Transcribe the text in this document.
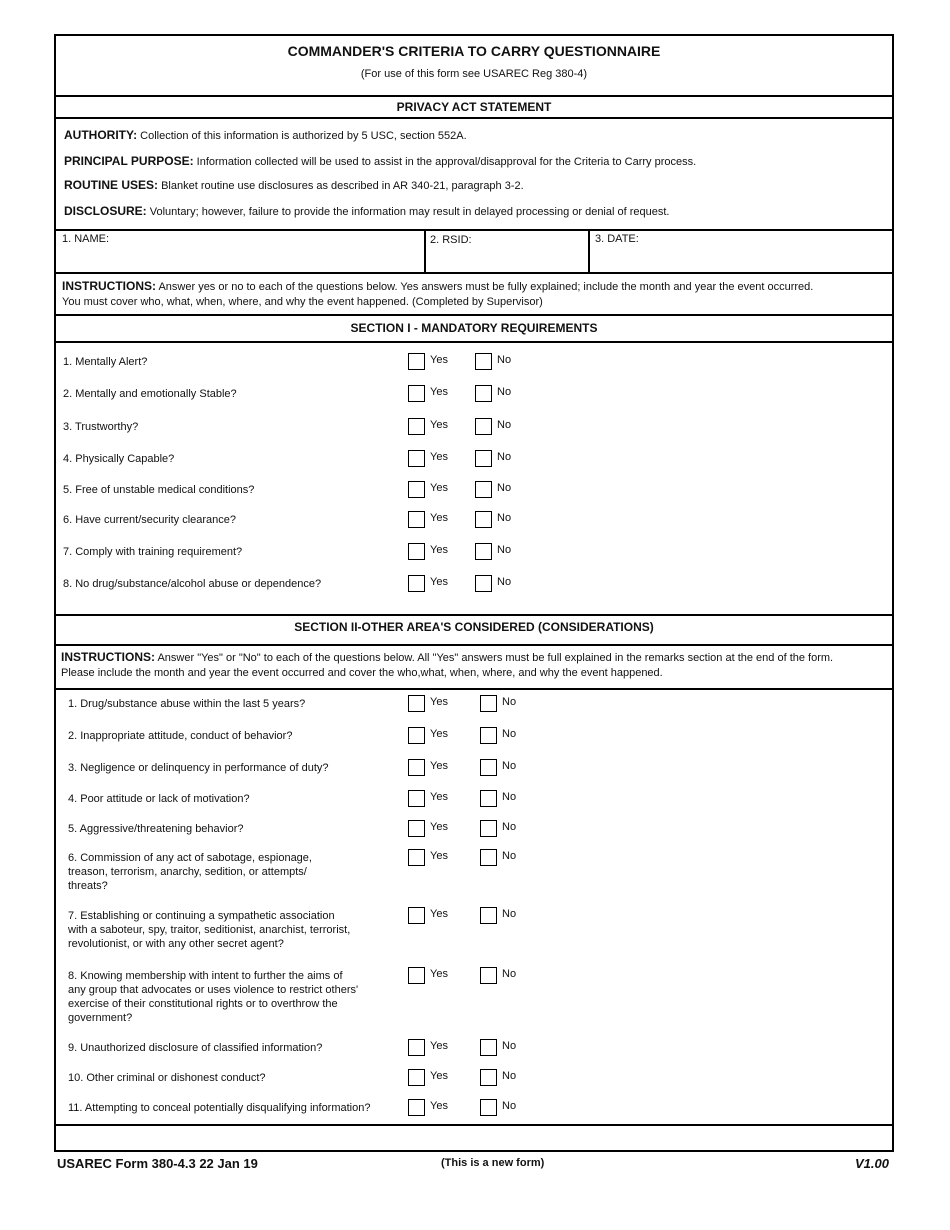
COMMANDER'S CRITERIA TO CARRY QUESTIONNAIRE
(For use of this form see USAREC Reg 380-4)
PRIVACY ACT STATEMENT
AUTHORITY: Collection of this information is authorized by 5 USC, section 552A.
PRINCIPAL PURPOSE: Information collected will be used to assist in the approval/disapproval for the Criteria to Carry process.
ROUTINE USES: Blanket routine use disclosures as described in AR 340-21, paragraph 3-2.
DISCLOSURE: Voluntary; however, failure to provide the information may result in delayed processing or denial of request.
1. NAME:	2. RSID:	3. DATE:
INSTRUCTIONS: Answer yes or no to each of the questions below. Yes answers must be fully explained; include the month and year the event occurred.
You must cover who, what, when, where, and why the event happened. (Completed by Supervisor)
SECTION I - MANDATORY REQUIREMENTS
1. Mentally Alert?	Yes	No
2. Mentally and emotionally Stable?	Yes	No
3. Trustworthy?	Yes	No
4. Physically Capable?	Yes	No
5. Free of unstable medical conditions?	Yes	No
6. Have current/security clearance?	Yes	No
7. Comply with training requirement?	Yes	No
8. No drug/substance/alcohol abuse or dependence?	Yes	No
SECTION II-OTHER AREA'S CONSIDERED (CONSIDERATIONS)
INSTRUCTIONS: Answer "Yes" or "No" to each of the questions below. All "Yes" answers must be full explained in the remarks section at the end of the form.
Please include the month and year the event occurred and cover the who,what, when, where, and why the event happened.
1. Drug/substance abuse within the last 5 years?	Yes	No
2. Inappropriate attitude, conduct of behavior?	Yes	No
3. Negligence or delinquency in performance of duty?	Yes	No
4. Poor attitude or lack of motivation?	Yes	No
5. Aggressive/threatening behavior?	Yes	No
6. Commission of any act of sabotage, espionage,
treason, terrorism, anarchy, sedition, or attempts/
threats?
Yes	No
7. Establishing or continuing a sympathetic association
with a saboteur, spy, traitor, seditionist, anarchist, terrorist,
revolutionist, or with any other secret agent?
Yes	No
8. Knowing membership with intent to further the aims of
any group that advocates or uses violence to restrict others'
exercise of their constitutional rights or to overthrow the
government?
Yes	No
9. Unauthorized disclosure of classified information?	Yes	No
10. Other criminal or dishonest conduct?	Yes	No
11. Attempting to conceal potentially disqualifying information?	Yes	No
USAREC Form 380-4.3 22 Jan 19	(This is a new form)	V1.00
